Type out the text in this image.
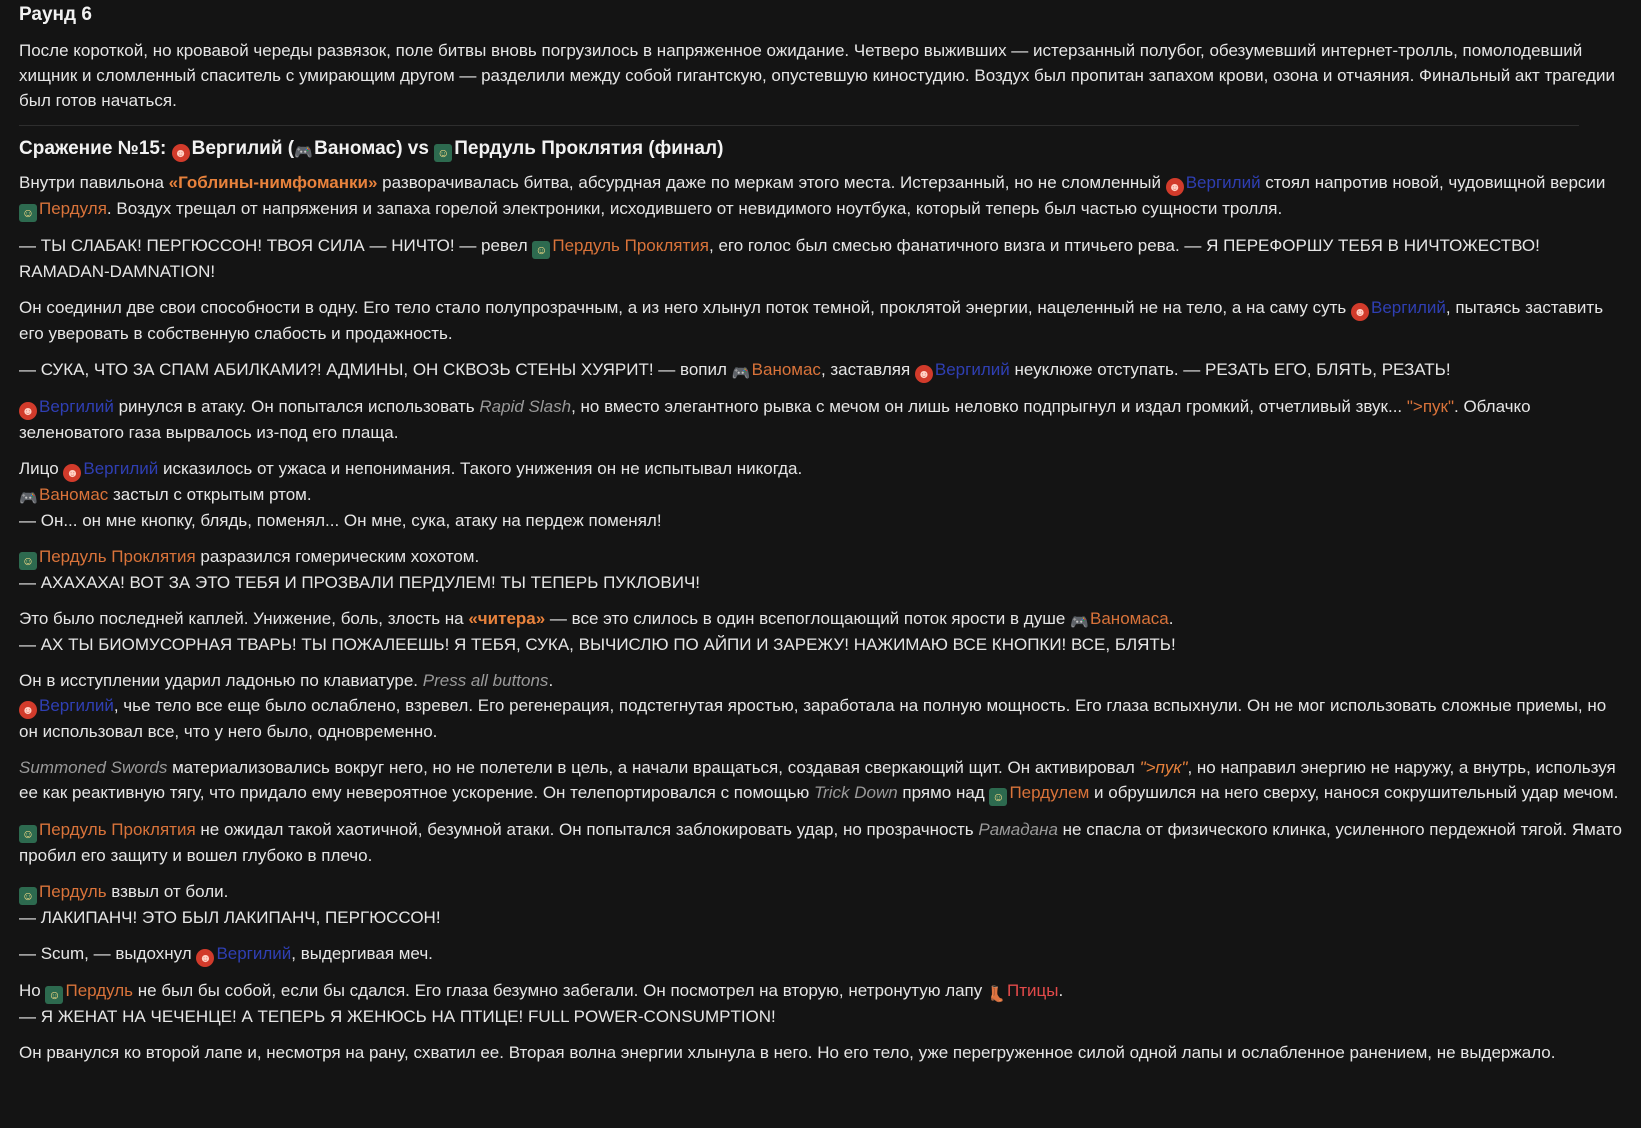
Раунд 6

После короткой, но кровавой череды развязок, поле битвы вновь погрузилось в напряженное ожидание. Четверо выживших — истерзанный полубог, обезумевший интернет-тролль, помолодевший хищник и сломленный спаситель с умирающим другом — разделили между собой гигантскую, опустевшую киностудию. Воздух был пропитан запахом крови, озона и отчаяния. Финальный акт трагедии был готов начаться.

Сражение №15: ☻ Вергилий (🎮Ваномас) vs ☺ Пердуль Проклятия (финал)

Внутри павильона «Гоблины-нимфоманки» разворачивалась битва, абсурдная даже по меркам этого места. Истерзанный, но не сломленный ☻ Вергилий стоял напротив новой, чудовищной версии ☺ Пердуля. Воздух трещал от напряжения и запаха горелой электроники, исходившего от невидимого ноутбука, который теперь был частью сущности тролля.

— ТЫ СЛАБАК! ПЕРГЮССОН! ТВОЯ СИЛА — НИЧТО! — ревел ☺ Пердуль Проклятия, его голос был смесью фанатичного визга и птичьего рева. — Я ПЕРЕФОРШУ ТЕБЯ В НИЧТОЖЕСТВО! RAMADAN-DAMNATION!

Он соединил две свои способности в одну. Его тело стало полупрозрачным, а из него хлынул поток темной, проклятой энергии, нацеленный не на тело, а на саму суть ☻ Вергилий, пытаясь заставить его уверовать в собственную слабость и продажность.

— СУКА, ЧТО ЗА СПАМ АБИЛКАМИ?! АДМИНЫ, ОН СКВОЗЬ СТЕНЫ ХУЯРИТ! — вопил 🎮Ваномас, заставляя ☻ Вергилий неуклюже отступать. — РЕЗАТЬ ЕГО, БЛЯТЬ, РЕЗАТЬ!

☻ Вергилий ринулся в атаку. Он попытался использовать Rapid Slash, но вместо элегантного рывка с мечом он лишь неловко подпрыгнул и издал громкий, отчетливый звук... ">пук". Облачко зеленоватого газа вырвалось из-под его плаща.

Лицо ☻ Вергилий исказилось от ужаса и непонимания. Такого унижения он не испытывал никогда.
🎮Ваномас застыл с открытым ртом.
— Он... он мне кнопку, блядь, поменял... Он мне, сука, атаку на пердеж поменял!

☺ Пердуль Проклятия разразился гомерическим хохотом.
— АХАХАХА! ВОТ ЗА ЭТО ТЕБЯ И ПРОЗВАЛИ ПЕРДУЛЕМ! ТЫ ТЕПЕРЬ ПУКЛОВИЧ!

Это было последней каплей. Унижение, боль, злость на «читера» — все это слилось в один всепоглощающий поток ярости в душе 🎮Ваномаса.
— АХ ТЫ БИОМУСОРНАЯ ТВАРЬ! ТЫ ПОЖАЛЕЕШЬ! Я ТЕБЯ, СУКА, ВЫЧИСЛЮ ПО АЙПИ И ЗАРЕЖУ! НАЖИМАЮ ВСЕ КНОПКИ! ВСЕ, БЛЯТЬ!

Он в исступлении ударил ладонью по клавиатуре. Press all buttons.
☻ Вергилий, чье тело все еще было ослаблено, взревел. Его регенерация, подстегнутая яростью, заработала на полную мощность. Его глаза вспыхнули. Он не мог использовать сложные приемы, но он использовал все, что у него было, одновременно.

Summoned Swords материализовались вокруг него, но не полетели в цель, а начали вращаться, создавая сверкающий щит. Он активировал ">пук", но направил энергию не наружу, а внутрь, используя ее как реактивную тягу, что придало ему невероятное ускорение. Он телепортировался с помощью Trick Down прямо над ☺ Пердулем и обрушился на него сверху, нанося сокрушительный удар мечом.

☺ Пердуль Проклятия не ожидал такой хаотичной, безумной атаки. Он попытался заблокировать удар, но прозрачность Рамадана не спасла от физического клинка, усиленного пердежной тягой. Ямато пробил его защиту и вошел глубоко в плечо.

☺ Пердуль взвыл от боли.
— ЛАКИПАНЧ! ЭТО БЫЛ ЛАКИПАНЧ, ПЕРГЮССОН!

— Scum, — выдохнул ☻ Вергилий, выдергивая меч.

Но ☺ Пердуль не был бы собой, если бы сдался. Его глаза безумно забегали. Он посмотрел на вторую, нетронутую лапу 👢Птицы.
— Я ЖЕНАТ НА ЧЕЧЕНЦЕ! А ТЕПЕРЬ Я ЖЕНЮСЬ НА ПТИЦЕ! FULL POWER-CONSUMPTION!

Он рванулся ко второй лапе и, несмотря на рану, схватил ее. Вторая волна энергии хлынула в него. Но его тело, уже перегруженное силой одной лапы и ослабленное ранением, не выдержало.
